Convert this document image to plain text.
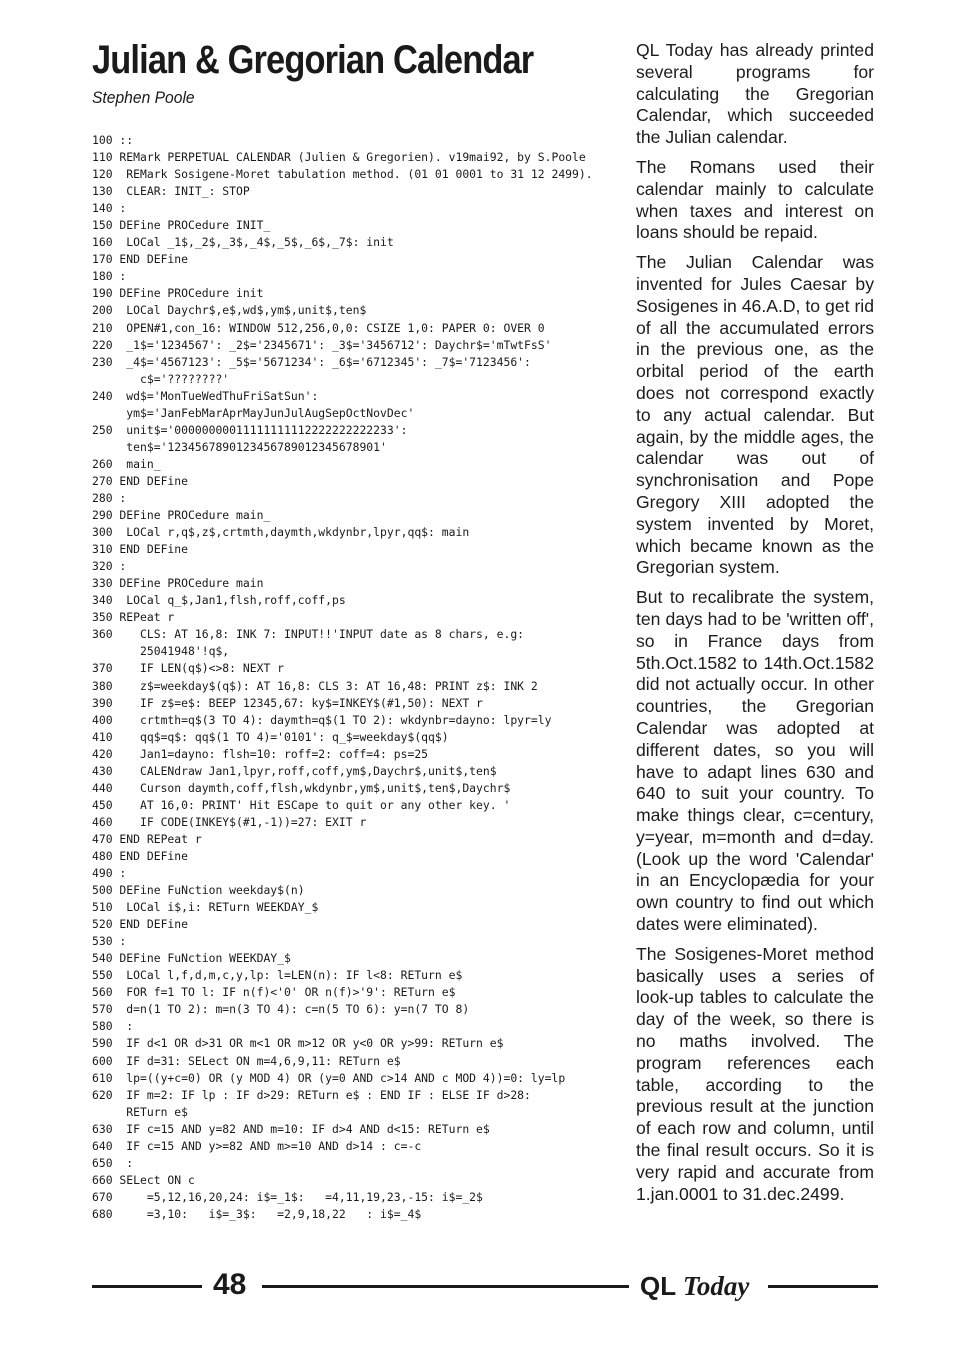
Julian & Gregorian Calendar
Stephen Poole
100 ::
110 REMark PERPETUAL CALENDAR (Julien & Gregorien). v19mai92, by S.Poole
120  REMark Sosigene-Moret tabulation method. (01 01 0001 to 31 12 2499).
130  CLEAR: INIT_: STOP
140 :
150 DEFine PROCedure INIT_
160  LOCal _1$,_2$,_3$,_4$,_5$,_6$,_7$: init
170 END DEFine
180 :
190 DEFine PROCedure init
200  LOCal Daychr$,e$,wd$,ym$,unit$,ten$
210  OPEN#1,con_16: WINDOW 512,256,0,0: CSIZE 1,0: PAPER 0: OVER 0
220  _1$='1234567': _2$='2345671': _3$='3456712': Daychr$='mTwtFsS'
230  _4$='4567123': _5$='5671234': _6$='6712345': _7$='7123456':
c$='????????'
240  wd$='MonTueWedThuFriSatSun':
ym$='JanFebMarAprMayJunJulAugSepOctNovDec'
250  unit$='00000000011111111112222222222233':
ten$='1234567890123456789012345678901'
260  main_
270 END DEFine
280 :
290 DEFine PROCedure main_
300  LOCal r,q$,z$,crtmth,daymth,wkdynbr,lpyr,qq$: main
310 END DEFine
320 :
330 DEFine PROCedure main
340  LOCal q_$,Jan1,flsh,roff,coff,ps
350 REPeat r
360    CLS: AT 16,8: INK 7: INPUT!!'INPUT date as 8 chars, e.g:
25041948'!q$,
370    IF LEN(q$)<>8: NEXT r
380    z$=weekday$(q$): AT 16,8: CLS 3: AT 16,48: PRINT z$: INK 2
390    IF z$=e$: BEEP 12345,67: ky$=INKEY$(#1,50): NEXT r
400    crtmth=q$(3 TO 4): daymth=q$(1 TO 2): wkdynbr=dayno: lpyr=ly
410    qq$=q$: qq$(1 TO 4)='0101': q_$=weekday$(qq$)
420    Jan1=dayno: flsh=10: roff=2: coff=4: ps=25
430    CALENdraw Jan1,lpyr,roff,coff,ym$,Daychr$,unit$,ten$
440    Curson daymth,coff,flsh,wkdynbr,ym$,unit$,ten$,Daychr$
450    AT 16,0: PRINT' Hit ESCape to quit or any other key. '
460    IF CODE(INKEY$(#1,-1))=27: EXIT r
470 END REPeat r
480 END DEFine
490 :
500 DEFine FuNction weekday$(n)
510  LOCal i$,i: RETurn WEEKDAY_$
520 END DEFine
530 :
540 DEFine FuNction WEEKDAY_$
550  LOCal l,f,d,m,c,y,lp: l=LEN(n): IF l<8: RETurn e$
560  FOR f=1 TO l: IF n(f)<'0' OR n(f)>'9': RETurn e$
570  d=n(1 TO 2): m=n(3 TO 4): c=n(5 TO 6): y=n(7 TO 8)
580  :
590  IF d<1 OR d>31 OR m<1 OR m>12 OR y<0 OR y>99: RETurn e$
600  IF d=31: SELect ON m=4,6,9,11: RETurn e$
610  lp=((y+c=0) OR (y MOD 4) OR (y=0 AND c>14 AND c MOD 4))=0: ly=lp
620  IF m=2: IF lp : IF d>29: RETurn e$ : END IF : ELSE IF d>28:
RETurn e$
630  IF c=15 AND y=82 AND m=10: IF d>4 AND d<15: RETurn e$
640  IF c=15 AND y>=82 AND m>=10 AND d>14 : c=-c
650  :
660 SELect ON c
670     =5,12,16,20,24: i$=_1$:   =4,11,19,23,-15: i$=_2$
680     =3,10:   i$=_3$:   =2,9,18,22   : i$=_4$

QL Today has already printed several programs for calculating the Gregorian Calendar, which succeeded the Julian calendar.

The Romans used their calendar mainly to calculate when taxes and interest on loans should be repaid.

The Julian Calendar was invented for Jules Caesar by Sosigenes in 46.A.D, to get rid of all the accumulated errors in the previous one, as the orbital period of the earth does not correspond exactly to any actual calendar. But again, by the middle ages, the calendar was out of synchronisation and Pope Gregory XIII adopted the system invented by Moret, which became known as the Gregorian system.

But to recalibrate the system, ten days had to be 'written off', so in France days from 5th.Oct.1582 to 14th.Oct.1582 did not actually occur. In other countries, the Gregorian Calendar was adopted at different dates, so you will have to adapt lines 630 and 640 to suit your country. To make things clear, c=century, y=year, m=month and d=day. (Look up the word 'Calendar' in an Encyclopædia for your own country to find out which dates were eliminated).

The Sosigenes-Moret method basically uses a series of look-up tables to calculate the day of the week, so there is no maths involved. The program references each table, according to the previous result at the junction of each row and column, until the final result occurs. So it is very rapid and accurate from 1.jan.0001 to 31.dec.2499.

48	QL Today
